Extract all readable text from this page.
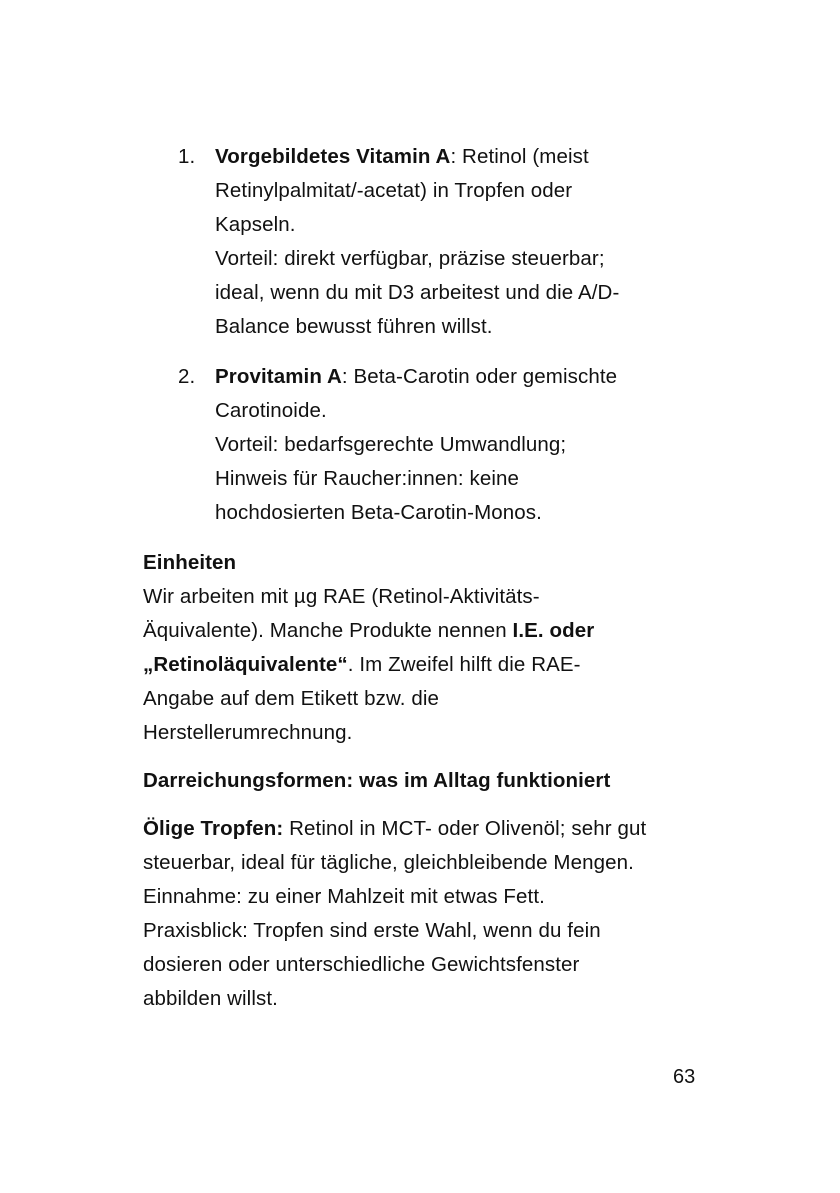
1. Vorgebildetes Vitamin A: Retinol (meist
Retinylpalmitat/-acetat) in Tropfen oder
Kapseln.
Vorteil: direkt verfügbar, präzise steuerbar;
ideal, wenn du mit D3 arbeitest und die A/D-
Balance bewusst führen willst.
2. Provitamin A: Beta-Carotin oder gemischte
Carotinoide.
Vorteil: bedarfsgerechte Umwandlung;
Hinweis für Raucher:innen: keine
hochdosierten Beta-Carotin-Monos.
Einheiten
Wir arbeiten mit µg RAE (Retinol-Aktivitäts-
Äquivalente). Manche Produkte nennen I.E. oder
„Retinoläquivalente“. Im Zweifel hilft die RAE-
Angabe auf dem Etikett bzw. die
Herstellerumrechnung.
Darreichungsformen: was im Alltag funktioniert
Ölige Tropfen: Retinol in MCT- oder Olivenöl; sehr gut
steuerbar, ideal für tägliche, gleichbleibende Mengen.
Einnahme: zu einer Mahlzeit mit etwas Fett.
Praxisblick: Tropfen sind erste Wahl, wenn du fein
dosieren oder unterschiedliche Gewichtsfenster
abbilden willst.
63
